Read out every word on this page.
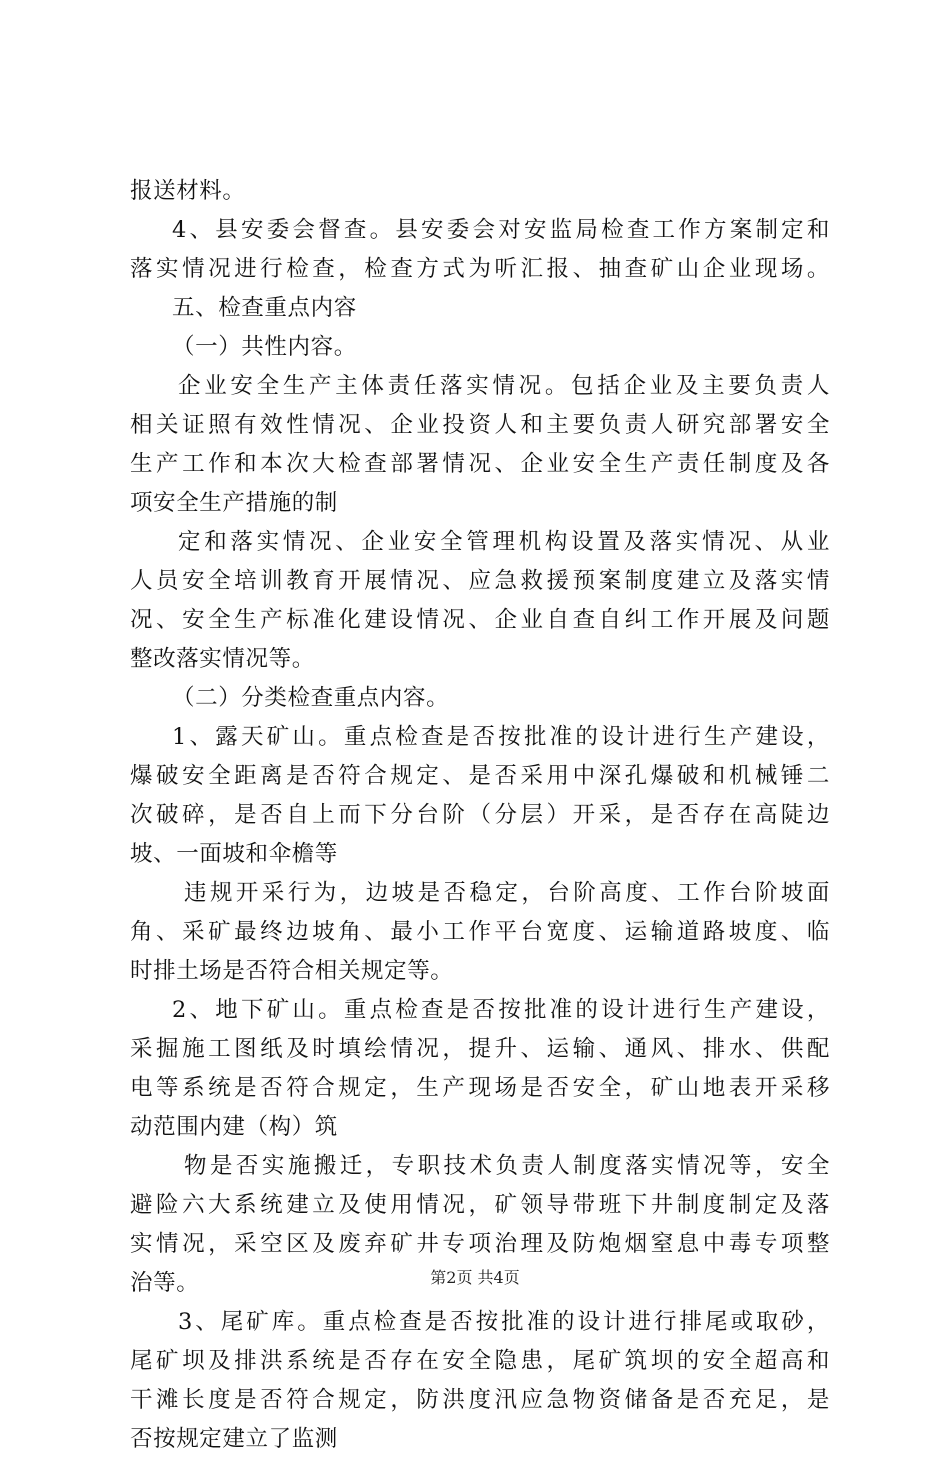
报送材料。
4、县安委会督查。县安委会对安监局检查工作方案制定和
落实情况进行检查，检查方式为听汇报、抽查矿山企业现场。
五、检查重点内容
（一）共性内容。
企业安全生产主体责任落实情况。包括企业及主要负责人
相关证照有效性情况、企业投资人和主要负责人研究部署安全
生产工作和本次大检查部署情况、企业安全生产责任制度及各
项安全生产措施的制
定和落实情况、企业安全管理机构设置及落实情况、从业
人员安全培训教育开展情况、应急救援预案制度建立及落实情
况、安全生产标准化建设情况、企业自查自纠工作开展及问题
整改落实情况等。
（二）分类检查重点内容。
1、露天矿山。重点检查是否按批准的设计进行生产建设，
爆破安全距离是否符合规定、是否采用中深孔爆破和机械锤二
次破碎，是否自上而下分台阶（分层）开采，是否存在高陡边
坡、一面坡和伞檐等
违规开采行为，边坡是否稳定，台阶高度、工作台阶坡面
角、采矿最终边坡角、最小工作平台宽度、运输道路坡度、临
时排土场是否符合相关规定等。
2、地下矿山。重点检查是否按批准的设计进行生产建设，
采掘施工图纸及时填绘情况，提升、运输、通风、排水、供配
电等系统是否符合规定，生产现场是否安全，矿山地表开采移
动范围内建（构）筑
物是否实施搬迁，专职技术负责人制度落实情况等，安全
避险六大系统建立及使用情况，矿领导带班下井制度制定及落
实情况，采空区及废弃矿井专项治理及防炮烟窒息中毒专项整
治等。
3、尾矿库。重点检查是否按批准的设计进行排尾或取砂，
尾矿坝及排洪系统是否存在安全隐患，尾矿筑坝的安全超高和
干滩长度是否符合规定，防洪度汛应急物资储备是否充足，是
否按规定建立了监测
第2页 共4页
